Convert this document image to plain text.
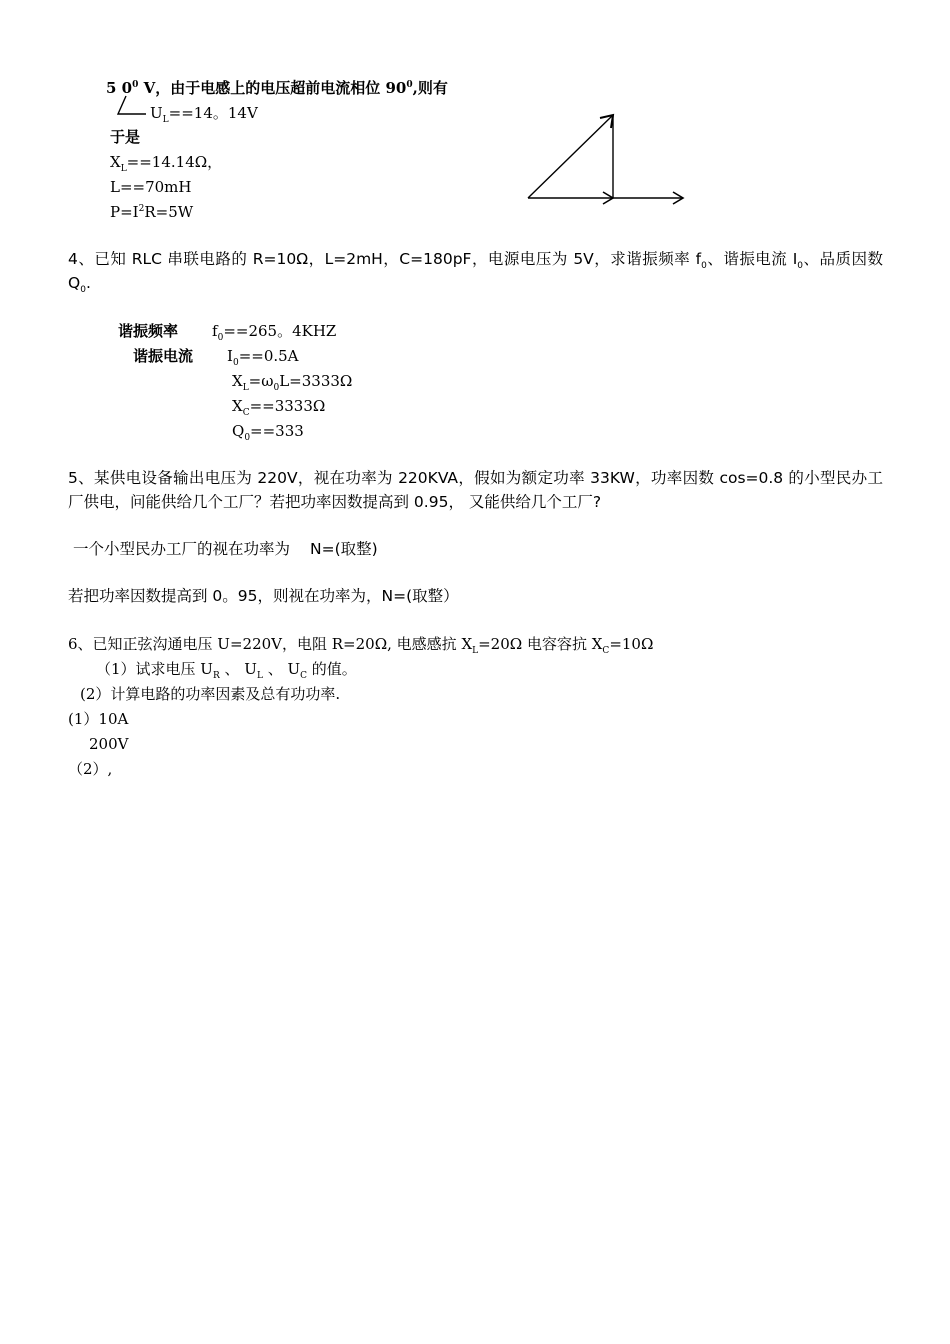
5 $0^0$ V，由于电感上的电压超前电流相位 $90^0$,则有
$U_L==14$。14V
于是
$X_L==14.14\Omega$，
L==70mH
$P=I^2R=5W$
4、已知 RLC 串联电路的 R=10Ω，L=2mH，C=180pF，电源电压为 5V，求谐振频率 $f_0$、谐振电流 $I_0$、品质因数 $Q_0$.
谐振频率 $f_0==265$。4KHZ
谐振电流 $I_0==0.5A$
$X_L=\omega_0L=3333\Omega$
$X_C==3333\Omega$
$Q_0==333$
5、某供电设备输出电压为 220V，视在功率为 220KVA，假如为额定功率 33KW，功率因数 cos=0.8 的小型民办工厂供电，问能供给几个工厂？若把功率因数提高到 0.95， 又能供给几个工厂?
一个小型民办工厂的视在功率为 N=(取整)
若把功率因数提高到 0。95，则视在功率为，N=(取整）
6、已知正弦沟通电压 U=220V，电阻 R=20Ω, 电感感抗 $X_L=20\Omega$ 电容容抗 $X_C=10\Omega$
（1）试求电压 $U_R$ 、 $U_L$ 、 $U_C$ 的值。
(2）计算电路的功率因素及总有功功率.
(1）10A
200V
（2）,
